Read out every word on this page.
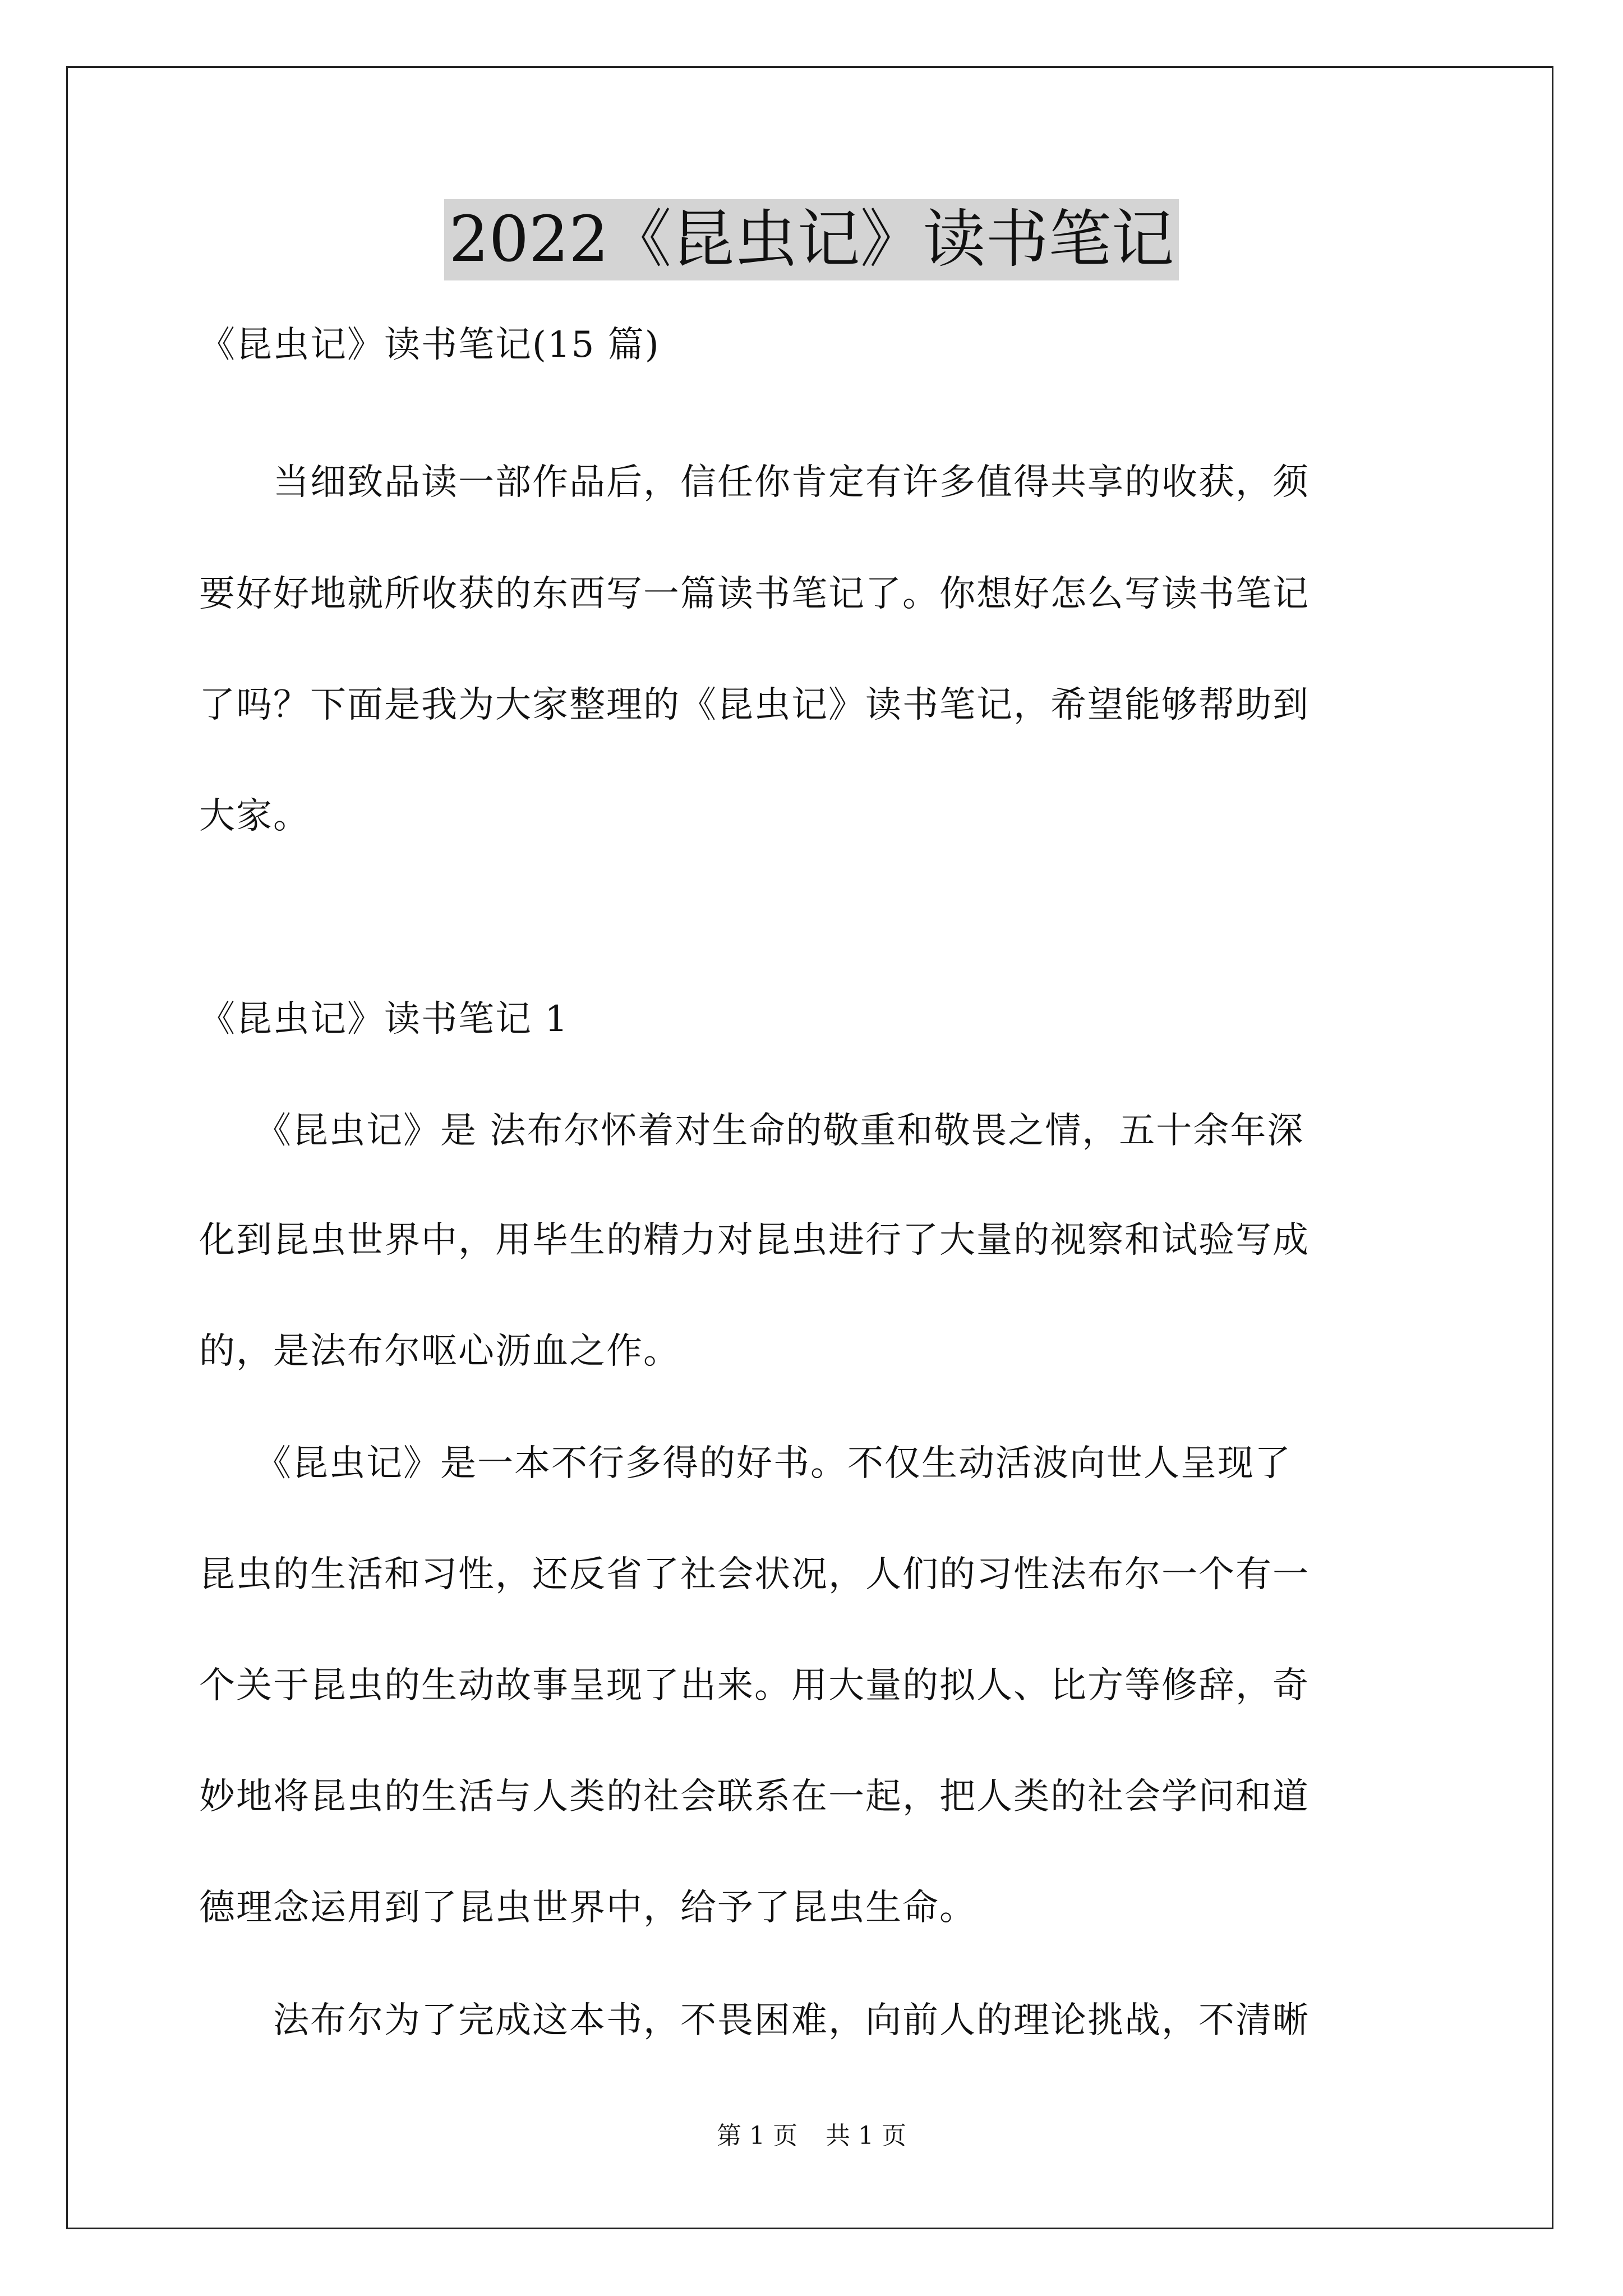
2022《昆虫记》读书笔记

《昆虫记》读书笔记(15 篇)

　　当细致品读一部作品后，信任你肯定有许多值得共享的收获，须

要好好地就所收获的东西写一篇读书笔记了。你想好怎么写读书笔记

了吗？下面是我为大家整理的《昆虫记》读书笔记，希望能够帮助到

大家。

《昆虫记》读书笔记 1

　　《昆虫记》是 法布尔怀着对生命的敬重和敬畏之情，五十余年深

化到昆虫世界中，用毕生的精力对昆虫进行了大量的视察和试验写成

的，是法布尔呕心沥血之作。

　　《昆虫记》是一本不行多得的好书。不仅生动活波向世人呈现了

昆虫的生活和习性，还反省了社会状况，人们的习性法布尔一个有一

个关于昆虫的生动故事呈现了出来。用大量的拟人、比方等修辞，奇

妙地将昆虫的生活与人类的社会联系在一起，把人类的社会学问和道

德理念运用到了昆虫世界中，给予了昆虫生命。

　　法布尔为了完成这本书，不畏困难，向前人的理论挑战，不清晰

第 1 页 共 1 页
